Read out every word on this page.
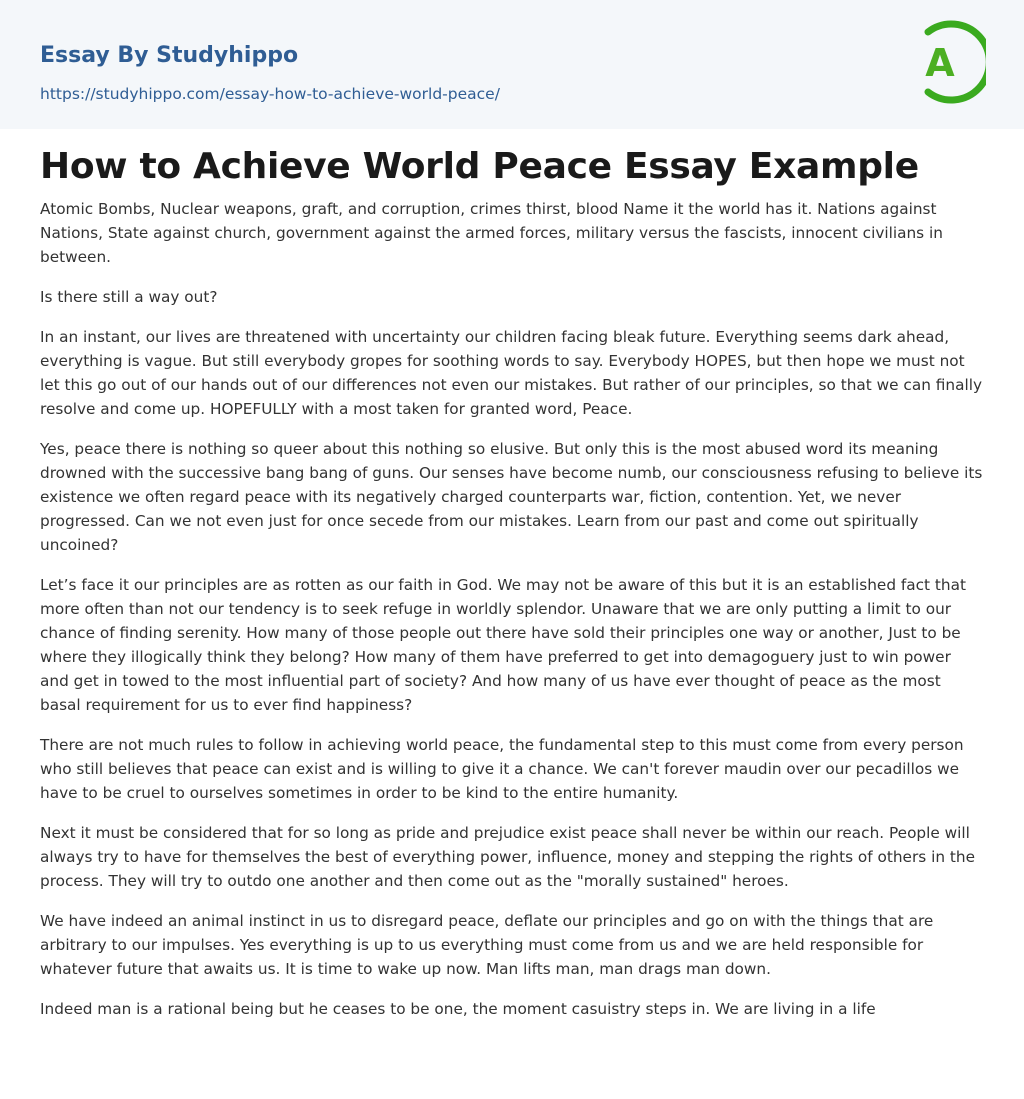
Essay By Studyhippo
https://studyhippo.com/essay-how-to-achieve-world-peace/
A
How to Achieve World Peace Essay Example

Atomic Bombs, Nuclear weapons, graft, and corruption, crimes thirst, blood Name it the world has it. Nations against Nations, State against church, government against the armed forces, military versus the fascists, innocent civilians in between.

Is there still a way out?

In an instant, our lives are threatened with uncertainty our children facing bleak future. Everything seems dark ahead, everything is vague. But still everybody gropes for soothing words to say. Everybody HOPES, but then hope we must not let this go out of our hands out of our differences not even our mistakes. But rather of our principles, so that we can finally resolve and come up. HOPEFULLY with a most taken for granted word, Peace.

Yes, peace there is nothing so queer about this nothing so elusive. But only this is the most abused word its meaning drowned with the successive bang bang of guns. Our senses have become numb, our consciousness refusing to believe its existence we often regard peace with its negatively charged counterparts war, fiction, contention. Yet, we never progressed. Can we not even just for once secede from our mistakes. Learn from our past and come out spiritually uncoined?

Let’s face it our principles are as rotten as our faith in God. We may not be aware of this but it is an established fact that more often than not our tendency is to seek refuge in worldly splendor. Unaware that we are only putting a limit to our chance of finding serenity. How many of those people out there have sold their principles one way or another, Just to be where they illogically think they belong? How many of them have preferred to get into demagoguery just to win power and get in towed to the most influential part of society? And how many of us have ever thought of peace as the most basal requirement for us to ever find happiness?

There are not much rules to follow in achieving world peace, the fundamental step to this must come from every person who still believes that peace can exist and is willing to give it a chance. We can't forever maudin over our pecadillos we have to be cruel to ourselves sometimes in order to be kind to the entire humanity.

Next it must be considered that for so long as pride and prejudice exist peace shall never be within our reach. People will always try to have for themselves the best of everything power, influence, money and stepping the rights of others in the process. They will try to outdo one another and then come out as the "morally sustained" heroes.

We have indeed an animal instinct in us to disregard peace, deflate our principles and go on with the things that are arbitrary to our impulses. Yes everything is up to us everything must come from us and we are held responsible for whatever future that awaits us. It is time to wake up now. Man lifts man, man drags man down.

Indeed man is a rational being but he ceases to be one, the moment casuistry steps in. We are living in a life
